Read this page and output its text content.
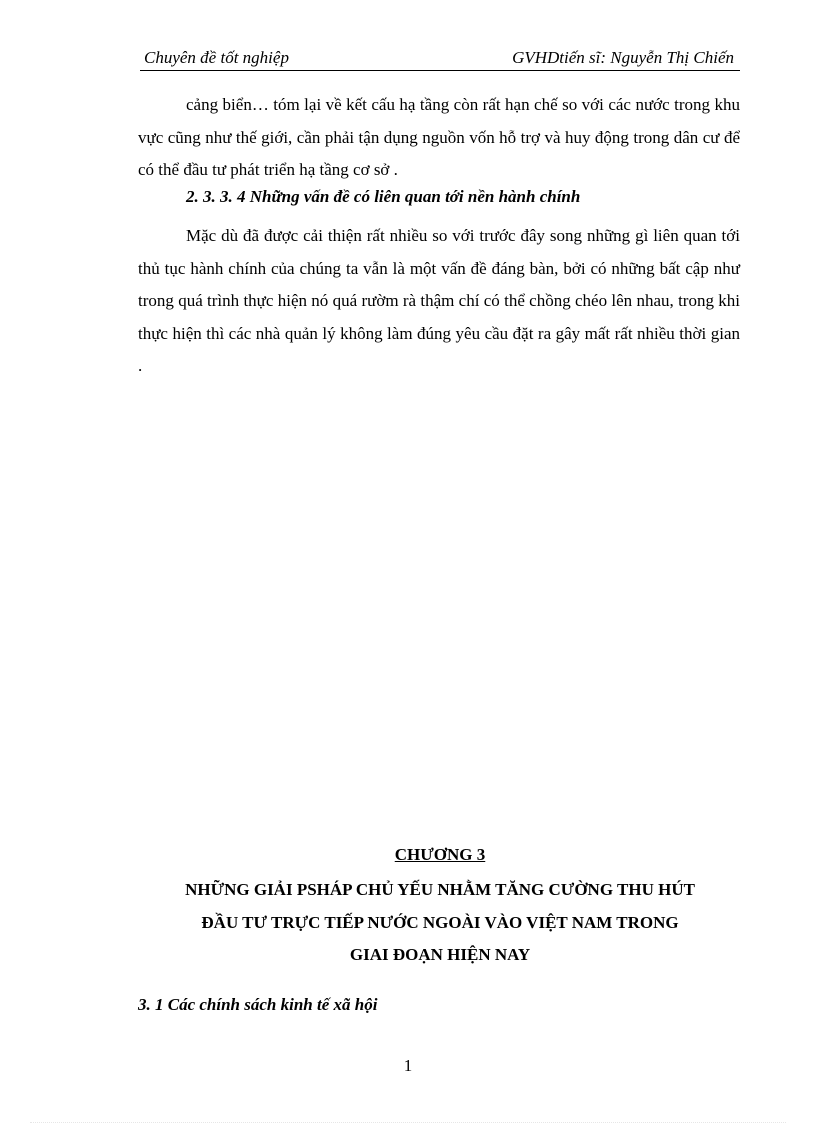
Chuyên đề tốt nghiệp	GVHDtiến sĩ: Nguyễn Thị Chiến

cảng biển… tóm lại về kết cấu hạ tầng còn rất hạn chế so với các nước trong khu vực cũng như thế giới, cần phải tận dụng nguồn vốn hỗ trợ và huy động trong dân cư để có thể đầu tư phát triển hạ tầng cơ sở .

2. 3. 3. 4 Những vấn đề có liên quan tới nền hành chính

Mặc dù đã được cải thiện rất nhiều so với trước đây song những gì liên quan tới thủ tục hành chính của chúng ta vẫn là một vấn đề đáng bàn, bởi có những bất cập như trong quá trình thực hiện nó quá rườm rà thậm chí có thể chồng chéo lên nhau, trong khi thực hiện thì các nhà quản lý không làm đúng yêu cầu đặt ra gây mất rất nhiều thời gian .

CHƯƠNG 3
NHỮNG GIẢI PSHÁP CHỦ YẾU NHẰM TĂNG CƯỜNG THU HÚT
ĐẦU TƯ TRỰC TIẾP NƯỚC NGOÀI VÀO VIỆT NAM TRONG
GIAI ĐOẠN HIỆN NAY
3. 1 Các chính sách kinh tế xã hội
1
